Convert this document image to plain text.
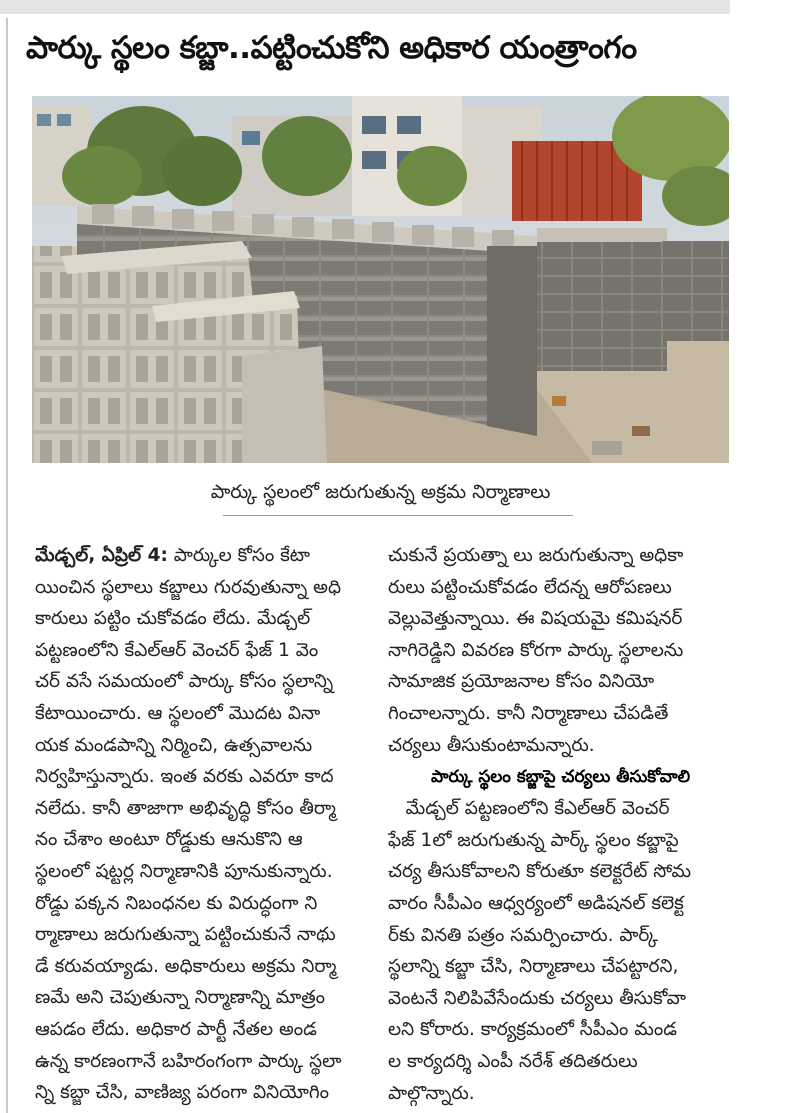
పార్కు స్థలం కబ్జా..పట్టించుకోని అధికార యంత్రాంగం
పార్కు స్థలంలో జరుగుతున్న అక్రమ నిర్మాణాలు
మేడ్చల్, ఏప్రిల్ 4: పార్కుల కోసం కేటా
యించిన స్థలాలు కబ్జాలు గురవుతున్నా అధి
కారులు పట్టిం చుకోవడం లేదు. మేడ్చల్
పట్టణంలోని కేఎల్‌ఆర్ వెంచర్ ఫేజ్ 1 వెం
చర్ వసే సమయంలో పార్కు కోసం స్థలాన్ని
కేటాయించారు. ఆ స్థలంలో మొదట వినా
యక మండపాన్ని నిర్మించి, ఉత్సవాలను
నిర్వహిస్తున్నారు. ఇంత వరకు ఎవరూ కాద
నలేదు. కానీ తాజాగా అభివృద్ధి కోసం తీర్మా
నం చేశాం అంటూ రోడ్డుకు ఆనుకొని ఆ
స్థలంలో షట్టర్ల నిర్మాణానికి పూనుకున్నారు.
రోడ్డు పక్కన నిబంధనల కు విరుద్ధంగా ని
ర్మాణాలు జరుగుతున్నా పట్టించుకునే నాథు
డే కరువయ్యాడు. అధికారులు అక్రమ నిర్మా
ణమే అని చెపుతున్నా నిర్మాణాన్ని మాత్రం
ఆపడం లేదు. అధికార పార్టీ నేతల అండ
ఉన్న కారణంగానే బహిరంగంగా పార్కు స్థలా
న్ని కబ్జా చేసి, వాణిజ్య పరంగా వినియోగిం
చుకునే ప్రయత్నా లు జరుగుతున్నా అధికా
రులు పట్టించుకోవడం లేదన్న ఆరోపణలు
వెల్లువెత్తున్నాయి. ఈ విషయమై కమిషనర్
నాగిరెడ్డిని వివరణ కోరగా పార్కు స్థలాలను
సామాజిక ప్రయోజనాల కోసం వినియో
గించాలన్నారు. కానీ నిర్మాణాలు చేపడితే
చర్యలు తీసుకుంటామన్నారు.
పార్కు స్థలం కబ్జాపై చర్యలు తీసుకోవాలి
మేడ్చల్ పట్టణంలోని కేఎల్‌ఆర్ వెంచర్
ఫేజ్ 1లో జరుగుతున్న పార్క్ స్థలం కబ్జాపై
చర్య తీసుకోవాలని కోరుతూ కలెక్టరేట్ సోమ
వారం సీపీఎం ఆధ్వర్యంలో అడిషనల్ కలెక్ట
ర్‌కు వినతి పత్రం సమర్పించారు. పార్క్
స్థలాన్ని కబ్జా చేసి, నిర్మాణాలు చేపట్టారని,
వెంటనే నిలిపివేసేందుకు చర్యలు తీసుకోవా
లని కోరారు. కార్యక్రమంలో సీపీఎం మండ
ల కార్యదర్శి ఎంపీ నరేశ్ తదితరులు
పాల్గొన్నారు.
